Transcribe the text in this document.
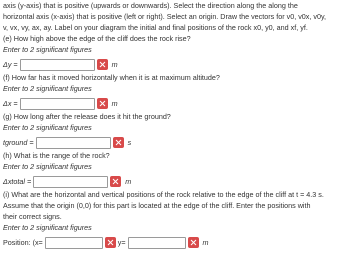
axis (y-axis) that is positive (upwards or downwards). Select the direction along the along the
horizontal axis (x-axis) that is positive (left or right). Select an origin. Draw the vectors for v0, v0x, v0y,
v, vx, vy, ax, ay. Label on your diagram the initial and final positions of the rock x0, y0, and xf, yf.
(e) How high above the edge of the cliff does the rock rise?
Enter to 2 significant figures
Δy =	m
(f) How far has it moved horizontally when it is at maximum altitude?
Enter to 2 significant figures
Δx =	m
(g) How long after the release does it hit the ground?
Enter to 2 significant figures
tground =	s
(h) What is the range of the rock?
Enter to 2 significant figures
Δxtotal =	m
(i) What are the horizontal and vertical positions of the rock relative to the edge of the cliff at t = 4.3 s.
Assume that the origin (0,0) for this part is located at the edge of the cliff. Enter the positions with
their correct signs.
Enter to 2 significant figures
Position: (x=	y=	m
